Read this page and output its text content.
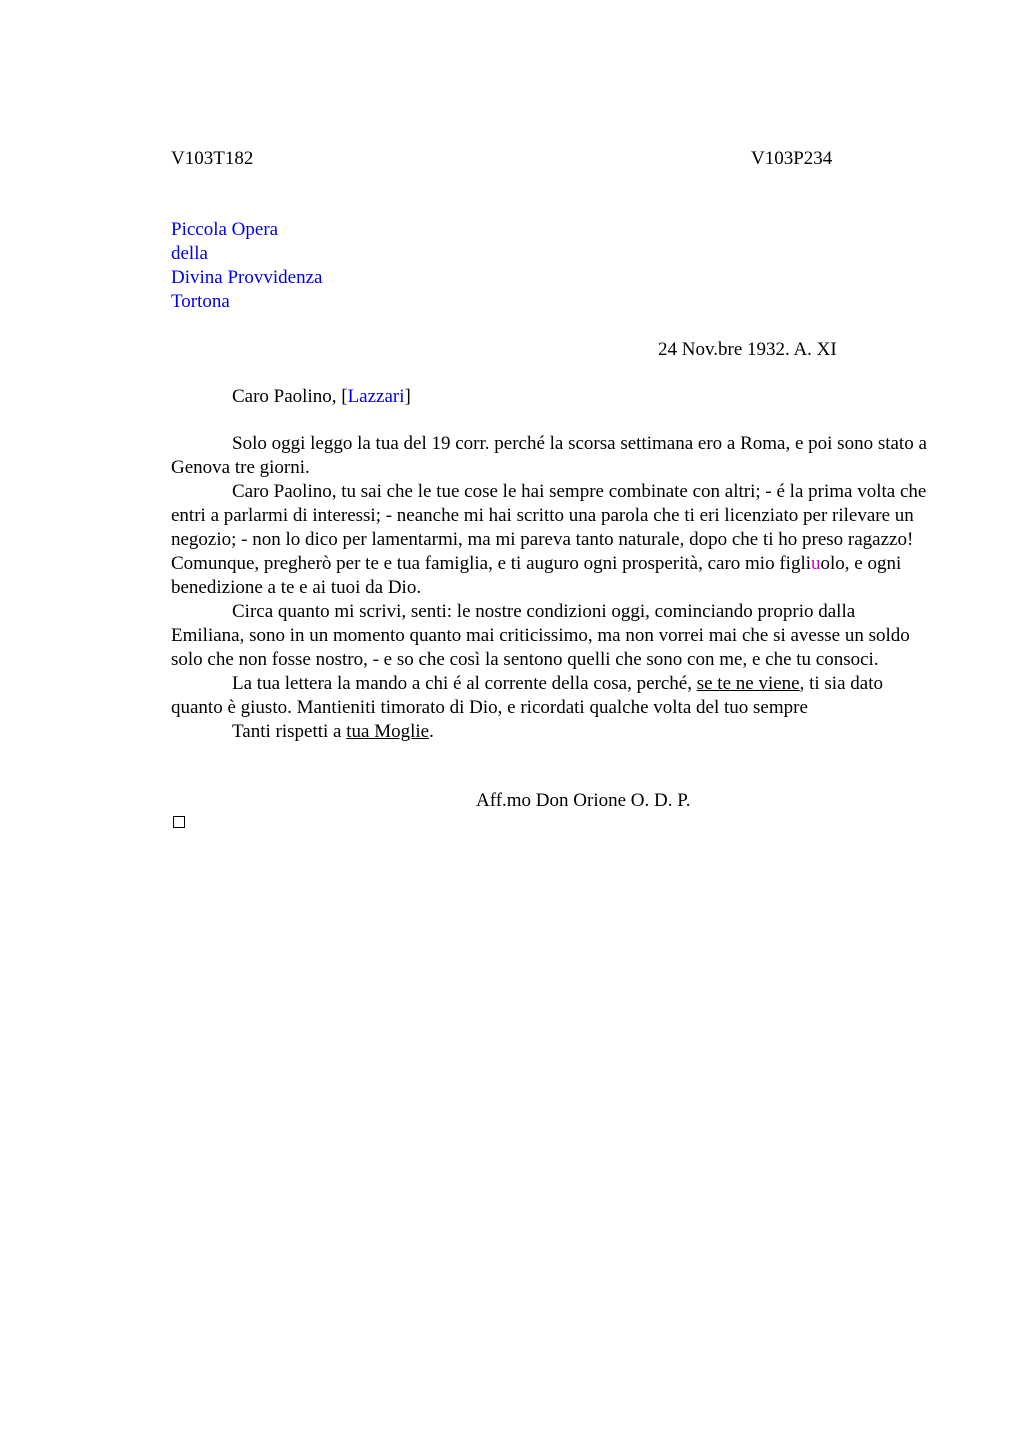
V103T182	V103P234
Piccola Opera
della
Divina Provvidenza
Tortona
24 Nov.bre 1932. A. XI
Caro Paolino, [Lazzari]

Solo oggi leggo la tua del 19 corr. perché la scorsa settimana ero a Roma, e poi sono stato a Genova tre giorni.

Caro Paolino, tu sai che le tue cose le hai sempre combinate con altri; - é la prima volta che entri a parlarmi di interessi; - neanche mi hai scritto una parola che ti eri licenziato per rilevare un negozio; - non lo dico per lamentarmi, ma mi pareva tanto naturale, dopo che ti ho preso ragazzo! Comunque, pregherò per te e tua famiglia, e ti auguro ogni prosperità, caro mio figliuolo, e ogni benedizione a te e ai tuoi da Dio.

Circa quanto mi scrivi, senti: le nostre condizioni oggi, cominciando proprio dalla Emiliana, sono in un momento quanto mai criticissimo, ma non vorrei mai che si avesse un soldo solo che non fosse nostro, - e so che così la sentono quelli che sono con me, e che tu consoci.

La tua lettera la mando a chi é al corrente della cosa, perché, se te ne viene, ti sia dato quanto è giusto. Mantieniti timorato di Dio, e ricordati qualche volta del tuo sempre

Tanti rispetti a tua Moglie.

Aff.mo Don Orione O. D. P.
